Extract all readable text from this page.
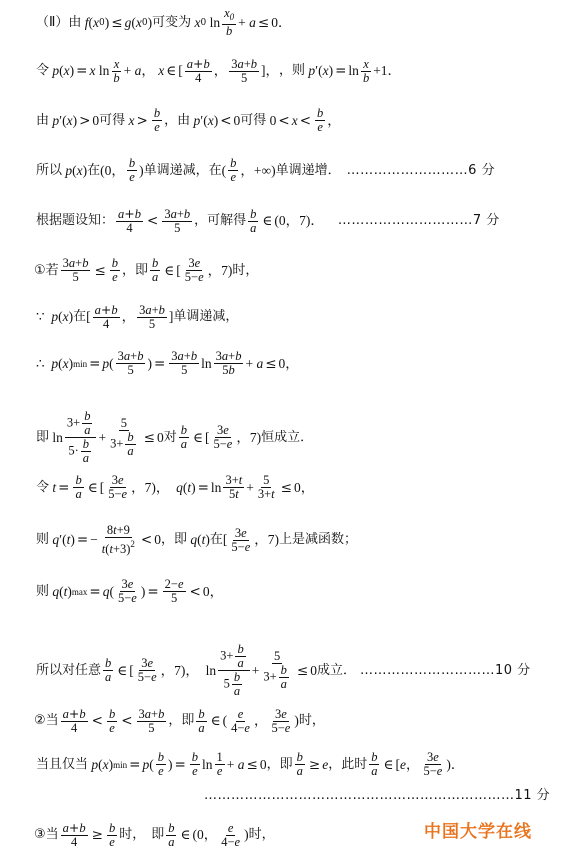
（Ⅱ）由 f ( x 0 ) ≤ g ( x 0 ) 可变为 x 0 $\ln \frac{x_0}{b} + a \le 0$．
令 p ( x ) = x $\ln \frac{x}{b} + a$ ， x ∈ [ $\frac{a+b}{4}$ ， $\frac{3a+b}{5}$ ]， ，则 p ′( x ) = $\ln \frac{x}{b} +1$．
由 p ′( x ) > 0 可得 $x > \frac{b}{e}$ ，由 p ′( x ) < 0 可得 $0 < x < \frac{b}{e}$ ，
所以 p ( x ) 在 (0， $\frac{b}{e}$ ) 单调递减，在 ( $\frac{b}{e}$ ，+∞) 单调递增． ………………………6 分
根据题设知： $\frac{a+b}{4} < \frac{3a+b}{5}$ ，可解得 $\frac{b}{a}$ ∈ (0，7)． …………………………7 分
①若 $\frac{3a+b}{5} \le \frac{b}{e}$ ，即 $\frac{b}{a}$ ∈ [ $\frac{3e}{5-e}$ ，7) 时，
∵ p ( x ) 在 [ $\frac{a+b}{4}$ ， $\frac{3a+b}{5}$ ] 单调递减，
∴ p ( x ) min = p ( $\frac{3a+b}{5}$ ) = $\frac{3a+b}{5}$ $\ln \frac{3a+b}{5b} + a \le 0$，
即 $\ln \frac{3+ \frac{b}{a}}{5\cdot \frac{b}{a}} + \frac{5}{3+ \frac{b}{a}} \le 0$ 对 $\frac{b}{a}$ ∈ [ $\frac{3e}{5-e}$ ，7) 恒成立．
令 $t = \frac{b}{a}$ ∈ [ $\frac{3e}{5-e}$ ，7)， q ( t ) = $\ln \frac{3+t}{5t} + \frac{5}{3+t} \le 0$，
则 q ′( t ) = − $\frac{8t+9}{t(t+3)^2} < 0$ ，即 q ( t ) 在 [ $\frac{3e}{5-e}$ ，7) 上是减函数；
则 q ( t ) max = q ( $\frac{3e}{5-e}$ ) = $\frac{2-e}{5} < 0$，
所以对任意 $\frac{b}{a}$ ∈ [ $\frac{3e}{5-e}$ ，7)，  $\ln \frac{3+ \frac{b}{a}}{5 \frac{b}{a}} + \frac{5}{3+ \frac{b}{a}} \le 0$ 成立． …………………………10 分
②当 $\frac{a+b}{4} < \frac{b}{e} < \frac{3a+b}{5}$ ，即 $\frac{b}{a}$ ∈ ( $\frac{e}{4-e}$ ， $\frac{3e}{5-e}$ ) 时，
当且仅当 p ( x ) min = p ( $\frac{b}{e}$ ) = $\frac{b}{e}$ $\ln \frac{1}{e} + a \le 0$ ，即 $\frac{b}{a} \ge e$ ，此时 $\frac{b}{a}$ ∈ [ e ， $\frac{3e}{5-e}$ )．
……………………………………………………………11 分
③当 $\frac{a+b}{4} \ge \frac{b}{e}$ 时， 即 $\frac{b}{a}$ ∈ (0， $\frac{e}{4-e}$ ) 时，	中国大学在线
